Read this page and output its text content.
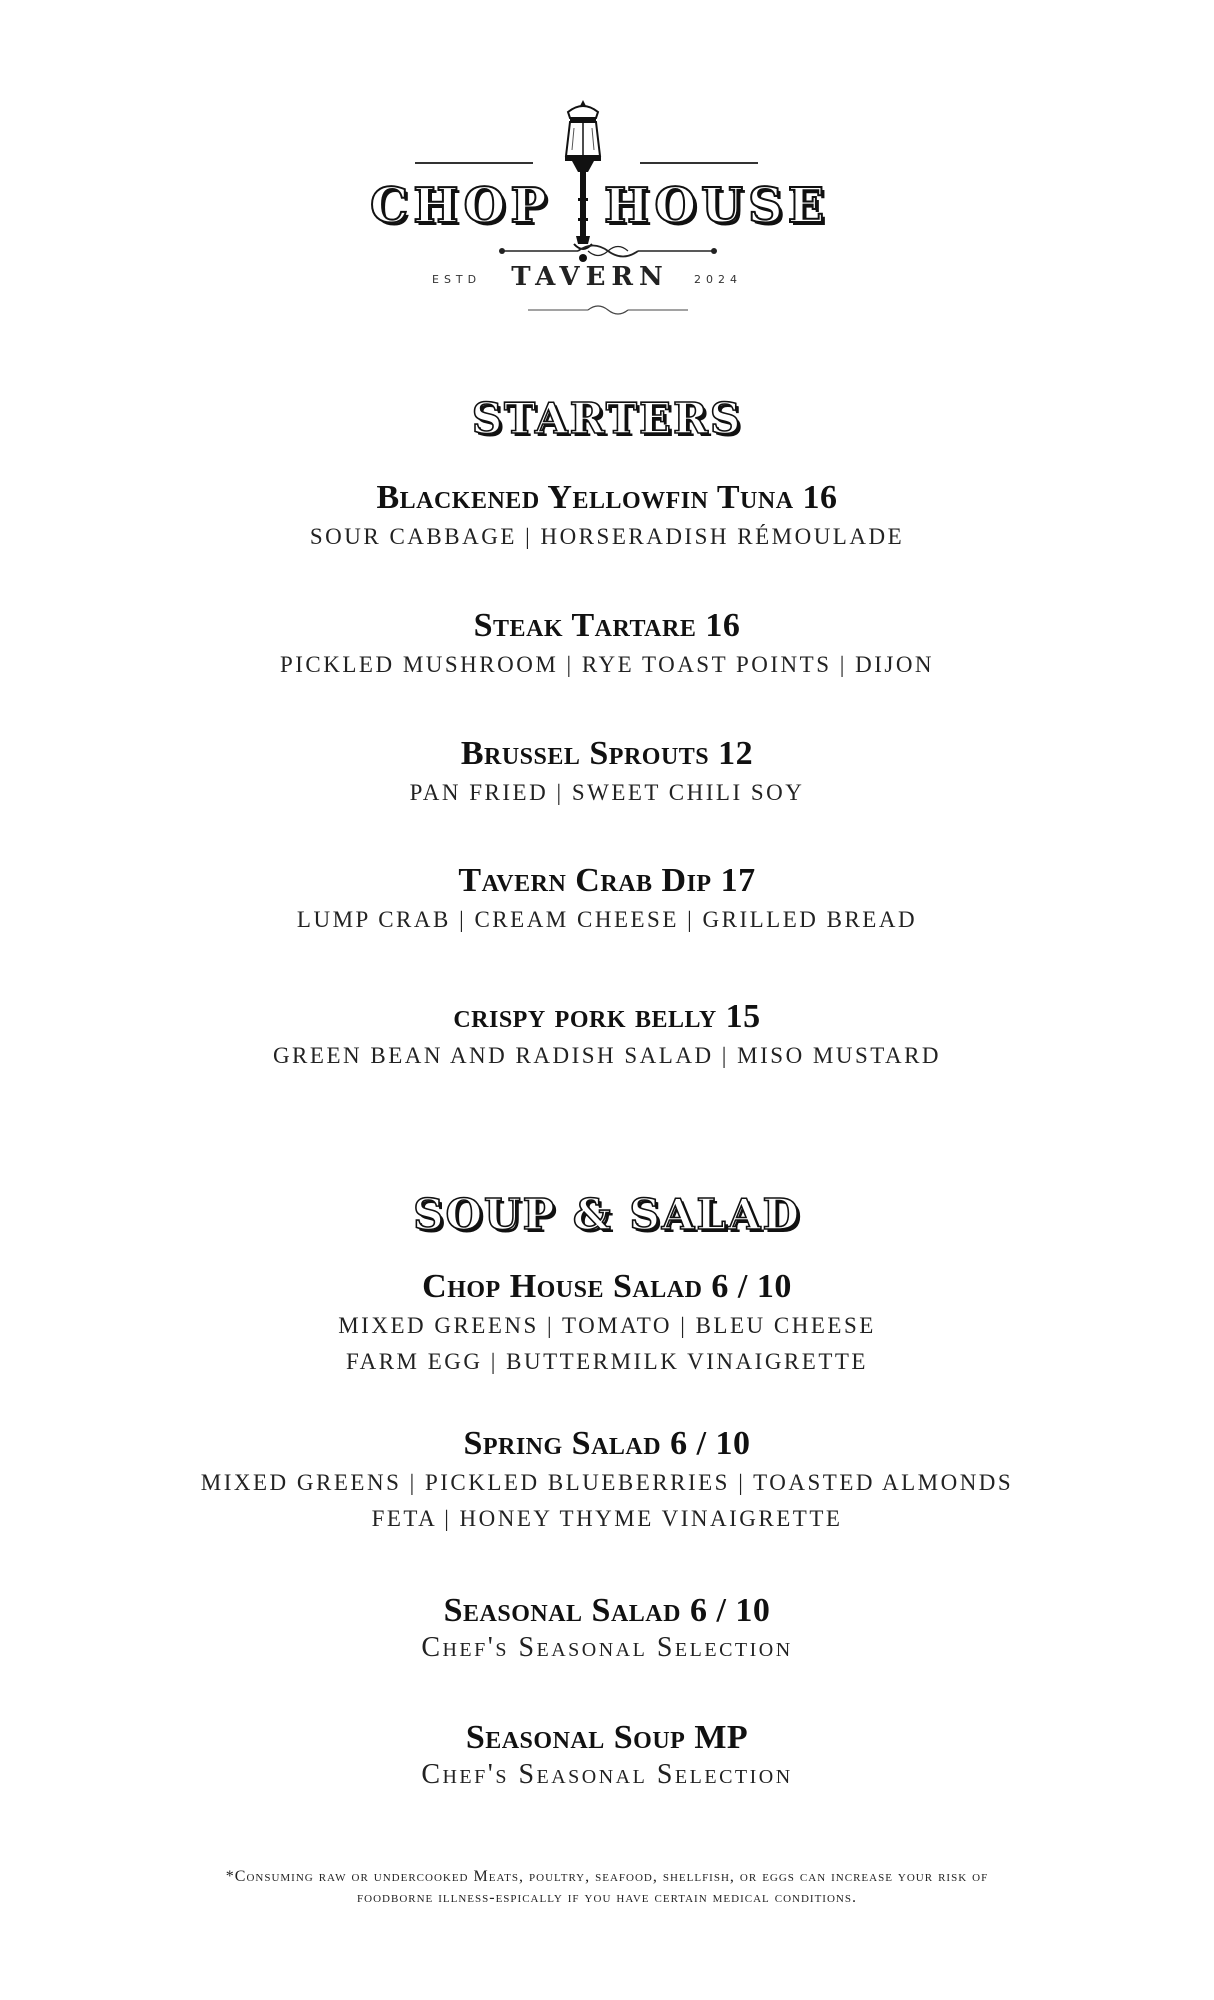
CHOP HOUSE
ESTD	TAVERN	2024
STARTERS
Blackened Yellowfin Tuna 16
SOUR CABBAGE | HORSERADISH RÉMOULADE
Steak Tartare 16
PICKLED MUSHROOM | RYE TOAST POINTS | DIJON
Brussel Sprouts 12
PAN FRIED | SWEET CHILI SOY
Tavern Crab Dip 17
LUMP CRAB | CREAM CHEESE | GRILLED BREAD
crispy pork belly 15
GREEN BEAN AND RADISH SALAD | MISO MUSTARD
SOUP & SALAD
Chop House Salad 6 / 10
MIXED GREENS | TOMATO | BLEU CHEESE
FARM EGG | BUTTERMILK VINAIGRETTE
Spring Salad 6 / 10
MIXED GREENS | PICKLED BLUEBERRIES | TOASTED ALMONDS
FETA | HONEY THYME VINAIGRETTE
Seasonal Salad 6 / 10
Chef's Seasonal Selection
Seasonal Soup MP
Chef's Seasonal Selection
*Consuming raw or undercooked Meats, poultry, seafood, shellfish, or eggs can increase your risk of
foodborne illness-espically if you have certain medical conditions.
